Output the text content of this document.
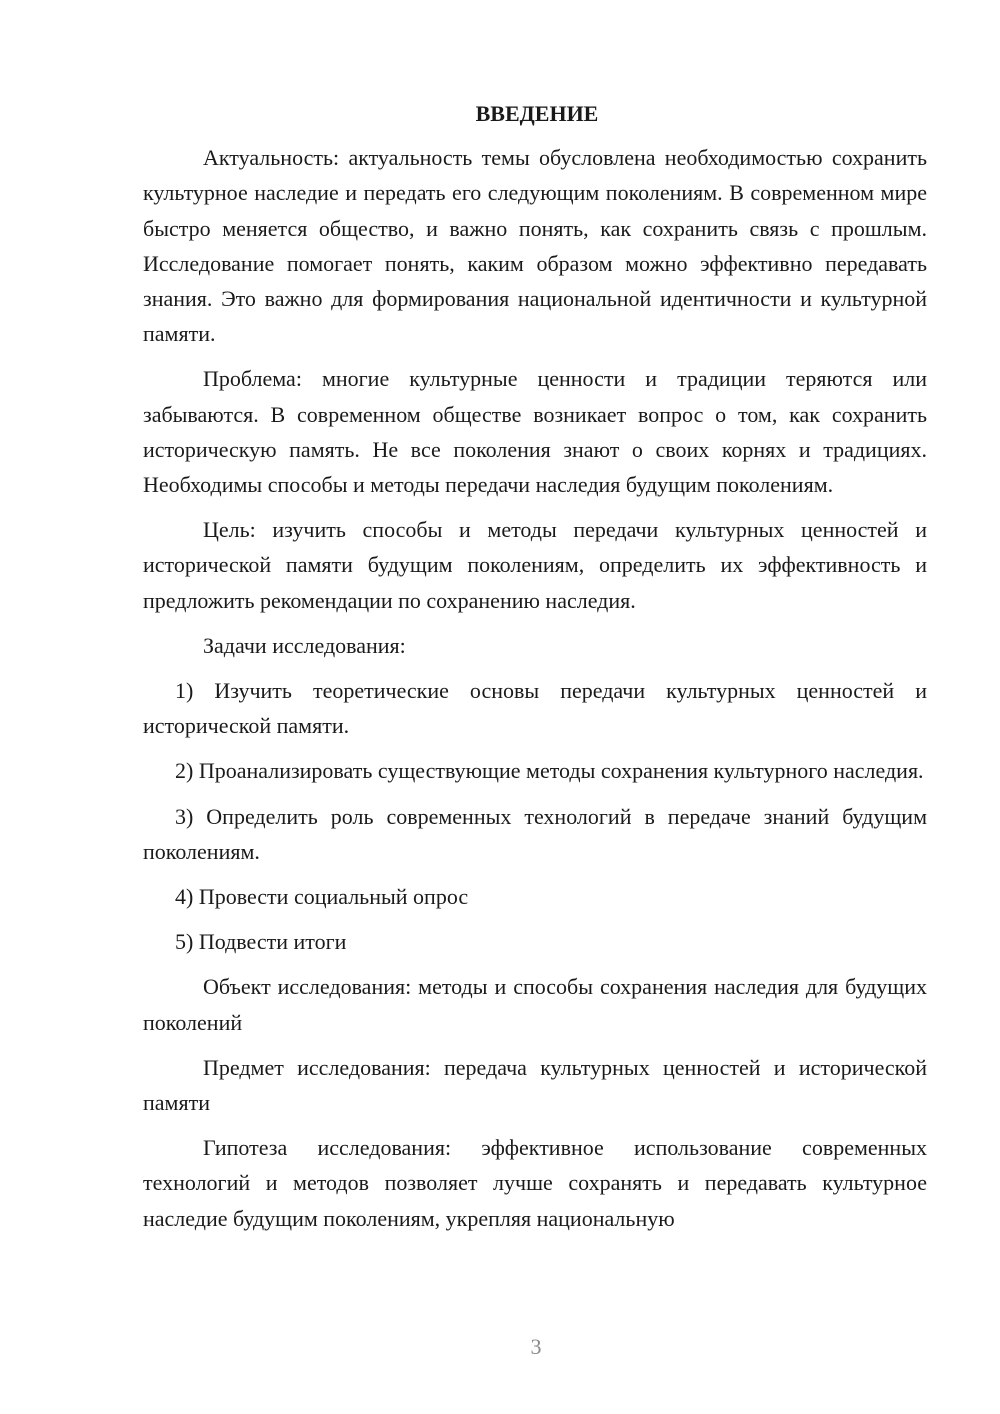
ВВЕДЕНИЕ

Актуальность: актуальность темы обусловлена необходимостью сохранить культурное наследие и передать его следующим поколениям. В современном мире быстро меняется общество, и важно понять, как сохранить связь с прошлым. Исследование помогает понять, каким образом можно эффективно передавать знания. Это важно для формирования национальной идентичности и культурной памяти.

Проблема: многие культурные ценности и традиции теряются или забываются. В современном обществе возникает вопрос о том, как сохранить историческую память. Не все поколения знают о своих корнях и традициях. Необходимы способы и методы передачи наследия будущим поколениям.

Цель: изучить способы и методы передачи культурных ценностей и исторической памяти будущим поколениям, определить их эффективность и предложить рекомендации по сохранению наследия.

Задачи исследования:

1) Изучить теоретические основы передачи культурных ценностей и исторической памяти.

2) Проанализировать существующие методы сохранения культурного наследия.

3) Определить роль современных технологий в передаче знаний будущим поколениям.

4) Провести социальный опрос

5) Подвести итоги

Объект исследования: методы и способы сохранения наследия для будущих поколений

Предмет исследования: передача культурных ценностей и исторической памяти

Гипотеза исследования: эффективное использование современных технологий и методов позволяет лучше сохранять и передавать культурное наследие будущим поколениям, укрепляя национальную

3
